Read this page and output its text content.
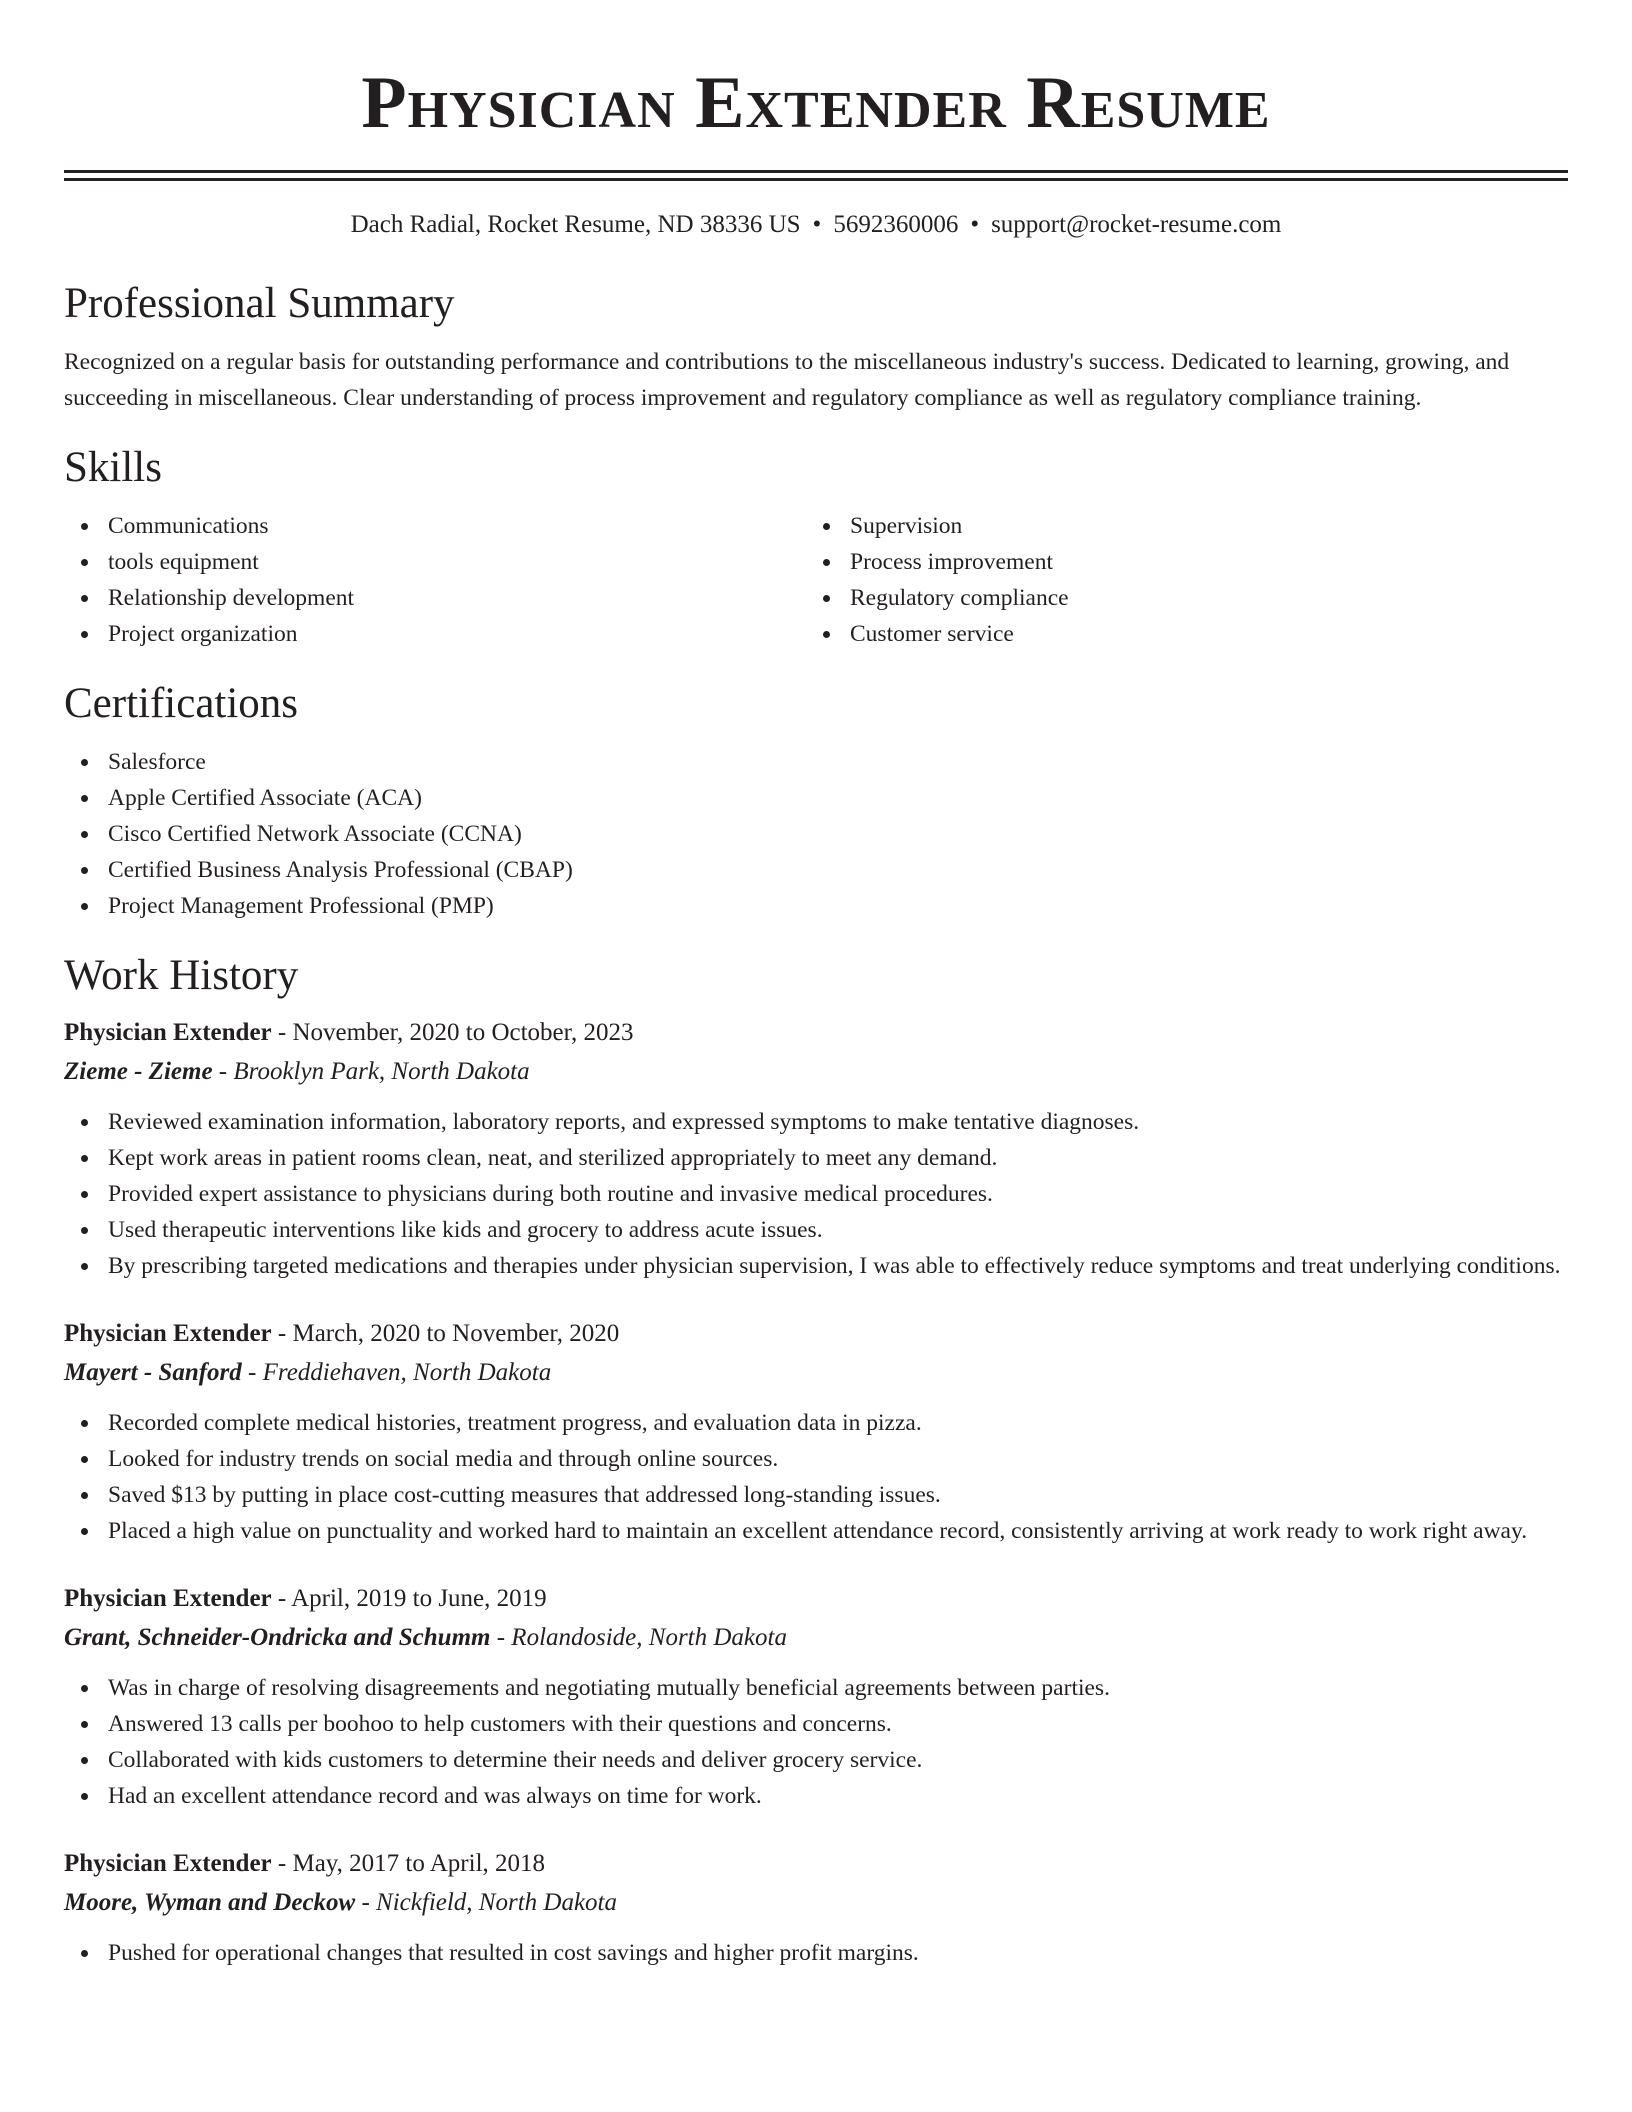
Physician Extender Resume
Dach Radial, Rocket Resume, ND 38336 US • 5692360006 • support@rocket-resume.com
Professional Summary

Recognized on a regular basis for outstanding performance and contributions to the miscellaneous industry's success. Dedicated to learning, growing, and succeeding in miscellaneous. Clear understanding of process improvement and regulatory compliance as well as regulatory compliance training.

Skills
Communications
tools equipment
Relationship development
Project organization
Supervision
Process improvement
Regulatory compliance
Customer service
Certifications
Salesforce
Apple Certified Associate (ACA)
Cisco Certified Network Associate (CCNA)
Certified Business Analysis Professional (CBAP)
Project Management Professional (PMP)
Work History
Physician Extender - November, 2020 to October, 2023
Zieme - Zieme - Brooklyn Park, North Dakota
Reviewed examination information, laboratory reports, and expressed symptoms to make tentative diagnoses.
Kept work areas in patient rooms clean, neat, and sterilized appropriately to meet any demand.
Provided expert assistance to physicians during both routine and invasive medical procedures.
Used therapeutic interventions like kids and grocery to address acute issues.
By prescribing targeted medications and therapies under physician supervision, I was able to effectively reduce symptoms and treat underlying conditions.
Physician Extender - March, 2020 to November, 2020
Mayert - Sanford - Freddiehaven, North Dakota
Recorded complete medical histories, treatment progress, and evaluation data in pizza.
Looked for industry trends on social media and through online sources.
Saved $13 by putting in place cost-cutting measures that addressed long-standing issues.
Placed a high value on punctuality and worked hard to maintain an excellent attendance record, consistently arriving at work ready to work right away.
Physician Extender - April, 2019 to June, 2019
Grant, Schneider-Ondricka and Schumm - Rolandoside, North Dakota
Was in charge of resolving disagreements and negotiating mutually beneficial agreements between parties.
Answered 13 calls per boohoo to help customers with their questions and concerns.
Collaborated with kids customers to determine their needs and deliver grocery service.
Had an excellent attendance record and was always on time for work.
Physician Extender - May, 2017 to April, 2018
Moore, Wyman and Deckow - Nickfield, North Dakota
Pushed for operational changes that resulted in cost savings and higher profit margins.
